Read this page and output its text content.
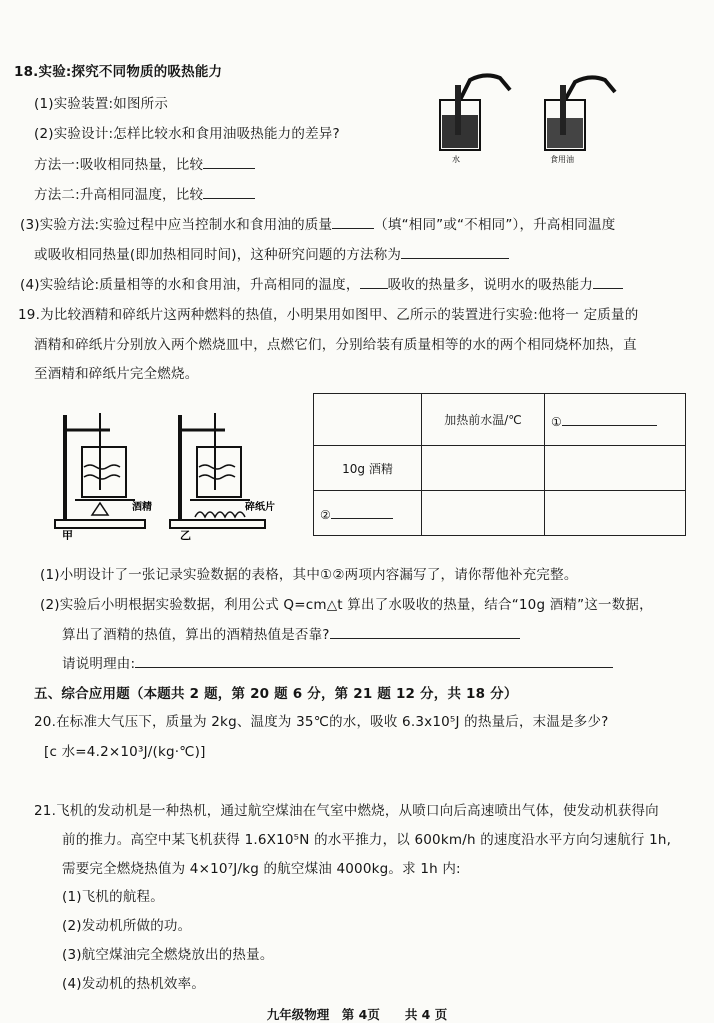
18.实验:探究不同物质的吸热能力
(1)实验装置:如图所示
(2)实验设计:怎样比较水和食用油吸热能力的差异?
方法一:吸收相同热量，比较
方法二:升高相同温度，比较
(3)实验方法:实验过程中应当控制水和食用油的质量	（填“相同”或“不相同”），升高相同温度
或吸收相同热量(即加热相同时间)，这种研究问题的方法称为
(4)实验结论:质量相等的水和食用油，升高相同的温度， 吸收的热量多，说明水的吸热能力
水	食用油
19.为比较酒精和碎纸片这两种燃料的热值，小明果用如图甲、乙所示的装置进行实验:他将一 定质量的
酒精和碎纸片分别放入两个燃烧皿中，点燃它们，分别给装有质量相等的水的两个相同烧杯加热，直
至酒精和碎纸片完全燃烧。
酒精	碎纸片
甲	乙
	加热前水温/℃	①
10g 酒精		
②		
(1)小明设计了一张记录实验数据的表格，其中①②两项内容漏写了，请你帮他补充完整。
(2)实验后小明根据实验数据，利用公式 Q=cm△t 算出了水吸收的热量，结合“10g 酒精”这一数据，
算出了酒精的热值，算出的酒精热值是否靠?
请说明理由:
五、综合应用题（本题共 2 题，第 20 题 6 分，第 21 题 12 分，共 18 分）
20.在标准大气压下，质量为 2kg、温度为 35℃的水，吸收 6.3x10⁵J 的热量后，末温是多少?
[c 水=4.2×10³J/(kg·℃)]
21.飞机的发动机是一种热机，通过航空煤油在气室中燃烧，从喷口向后高速喷出气体，使发动机获得向
前的推力。高空中某飞机获得 1.6X10⁵N 的水平推力，以 600km/h 的速度沿水平方向匀速航行 1h,
需要完全燃烧热值为 4×10⁷J/kg 的航空煤油 4000kg。求 1h 内:
(1)飞机的航程。
(2)发动机所做的功。
(3)航空煤油完全燃烧放出的热量。
(4)发动机的热机效率。
九年级物理　第 4页　　共 4 页
